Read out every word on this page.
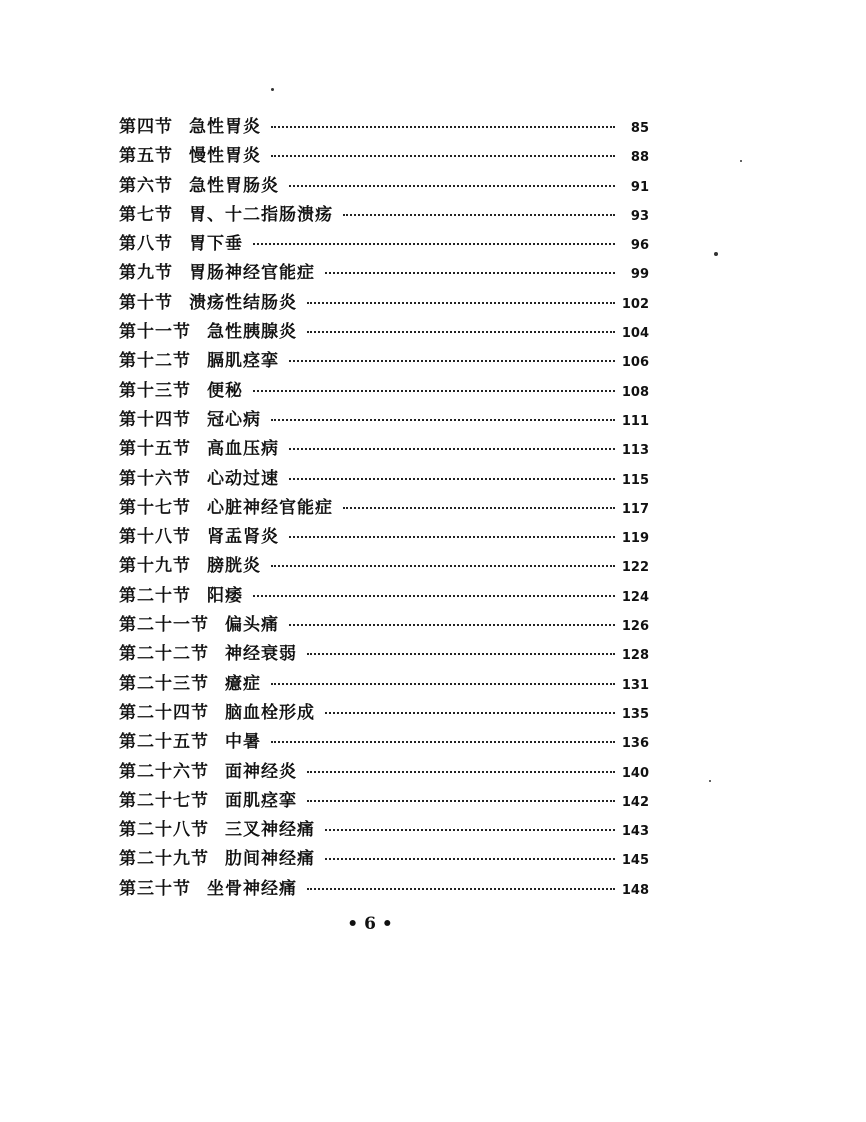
第四节 急性胃炎	85
第五节 慢性胃炎	88
第六节 急性胃肠炎	91
第七节 胃、十二指肠溃疡	93
第八节 胃下垂	96
第九节 胃肠神经官能症	99
第十节 溃疡性结肠炎	102
第十一节 急性胰腺炎	104
第十二节 膈肌痉挛	106
第十三节 便秘	108
第十四节 冠心病	111
第十五节 高血压病	113
第十六节 心动过速	115
第十七节 心脏神经官能症	117
第十八节 肾盂肾炎	119
第十九节 膀胱炎	122
第二十节 阳痿	124
第二十一节 偏头痛	126
第二十二节 神经衰弱	128
第二十三节 癔症	131
第二十四节 脑血栓形成	135
第二十五节 中暑	136
第二十六节 面神经炎	140
第二十七节 面肌痉挛	142
第二十八节 三叉神经痛	143
第二十九节 肋间神经痛	145
第三十节 坐骨神经痛	148
• 6 •
